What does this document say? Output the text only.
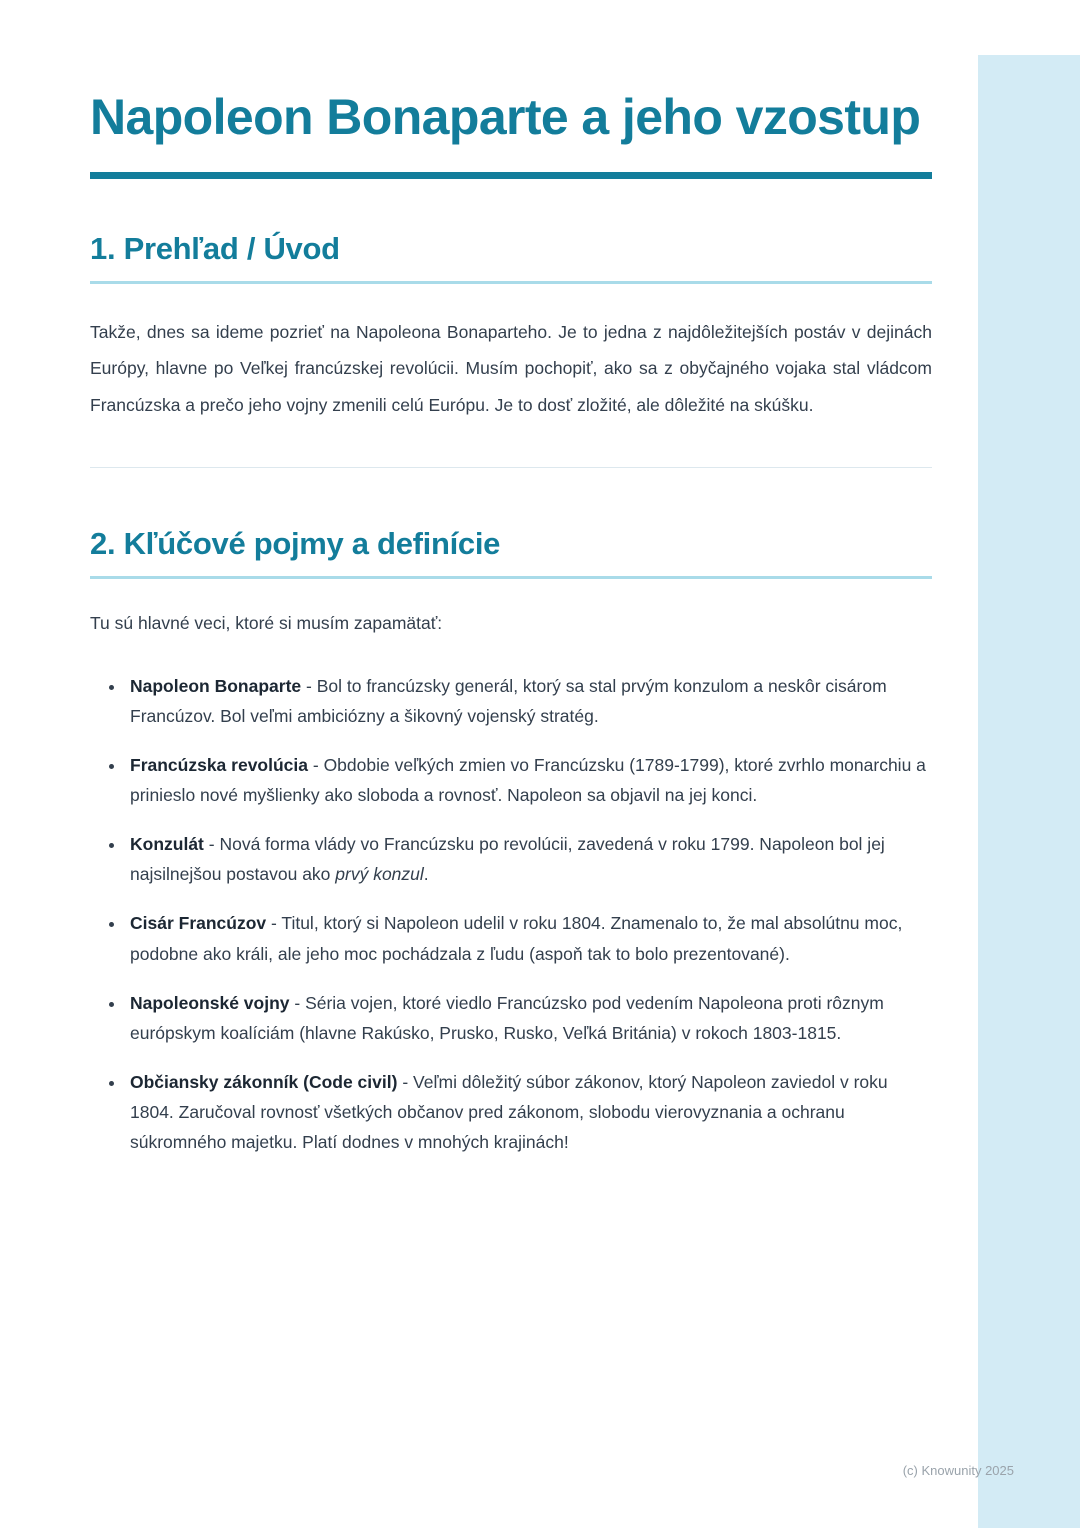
Napoleon Bonaparte a jeho vzostup
1. Prehľad / Úvod

Takže, dnes sa ideme pozrieť na Napoleona Bonaparteho. Je to jedna z najdôležitejších postáv v dejinách Európy, hlavne po Veľkej francúzskej revolúcii. Musím pochopiť, ako sa z obyčajného vojaka stal vládcom Francúzska a prečo jeho vojny zmenili celú Európu. Je to dosť zložité, ale dôležité na skúšku.

2. Kľúčové pojmy a definície

Tu sú hlavné veci, ktoré si musím zapamätať:

• Napoleon Bonaparte - Bol to francúzsky generál, ktorý sa stal prvým konzulom a neskôr cisárom Francúzov. Bol veľmi ambiciózny a šikovný vojenský stratég.
• Francúzska revolúcia - Obdobie veľkých zmien vo Francúzsku (1789-1799), ktoré zvrhlo monarchiu a prinieslo nové myšlienky ako sloboda a rovnosť. Napoleon sa objavil na jej konci.
• Konzulát - Nová forma vlády vo Francúzsku po revolúcii, zavedená v roku 1799. Napoleon bol jej najsilnejšou postavou ako prvý konzul.
• Cisár Francúzov - Titul, ktorý si Napoleon udelil v roku 1804. Znamenalo to, že mal absolútnu moc, podobne ako králi, ale jeho moc pochádzala z ľudu (aspoň tak to bolo prezentované).
• Napoleonské vojny - Séria vojen, ktoré viedlo Francúzsko pod vedením Napoleona proti rôznym európskym koalíciám (hlavne Rakúsko, Prusko, Rusko, Veľká Británia) v rokoch 1803-1815.
• Občiansky zákonník (Code civil) - Veľmi dôležitý súbor zákonov, ktorý Napoleon zaviedol v roku 1804. Zaručoval rovnosť všetkých občanov pred zákonom, slobodu vierovyznania a ochranu súkromného majetku. Platí dodnes v mnohých krajinách!
(c) Knowunity 2025
